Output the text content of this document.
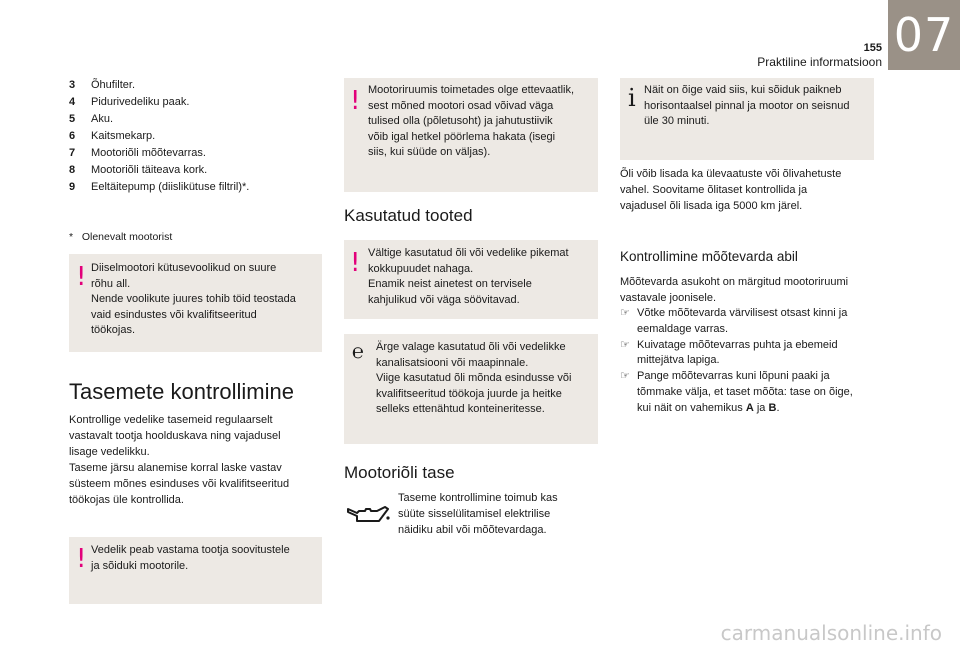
07
155
Praktiline informatsioon
3	Õhufilter.
4	Pidurivedeliku paak.
5	Aku.
6	Kaitsmekarp.
7	Mootoriõli mõõtevarras.
8	Mootoriõli täiteava kork.
9	Eeltäitepump (diislikütuse filtril)*.
*   Olenevalt mootorist
! Diiselmootori kütusevoolikud on suure
rõhu all.
Nende voolikute juures tohib töid teostada
vaid esindustes või kvalifitseeritud
töökojas.
Tasemete kontrollimine
Kontrollige vedelike tasemeid regulaarselt
vastavalt tootja hoolduskava ning vajadusel
lisage vedelikku.
Taseme järsu alanemise korral laske vastav
süsteem mõnes esinduses või kvalifitseeritud
töökojas üle kontrollida.
! Vedelik peab vastama tootja soovitustele
ja sõiduki mootorile.
! Mootoriruumis toimetades olge ettevaatlik,
sest mõned mootori osad võivad väga
tulised olla (põletusoht) ja jahutustiivik
võib igal hetkel pöörlema hakata (isegi
siis, kui süüde on väljas).
Kasutatud tooted
! Vältige kasutatud õli või vedelike pikemat
kokkupuudet nahaga.
Enamik neist ainetest on tervisele
kahjulikud või väga söövitavad.
℮ Ärge valage kasutatud õli või vedelikke
kanalisatsiooni või maapinnale.
Viige kasutatud õli mõnda esindusse või
kvalifitseeritud töökoja juurde ja heitke
selleks ettenähtud konteineritesse.
Mootoriõli tase
Taseme kontrollimine toimub kas
süüte sisselülitamisel elektrilise
näidiku abil või mõõtevardaga.
i Näit on õige vaid siis, kui sõiduk paikneb
horisontaalsel pinnal ja mootor on seisnud
üle 30 minuti.
Õli võib lisada ka ülevaatuste või õlivahetuste
vahel. Soovitame õlitaset kontrollida ja
vajadusel õli lisada iga 5000 km järel.
Kontrollimine mõõtevarda abil
Mõõtevarda asukoht on märgitud mootoriruumi
vastavale joonisele.
☞ Võtke mõõtevarda värvilisest otsast kinni ja
eemaldage varras.
☞ Kuivatage mõõtevarras puhta ja ebemeid
mittejätva lapiga.
☞ Pange mõõtevarras kuni lõpuni paaki ja
tõmmake välja, et taset mõõta: tase on õige,
kui näit on vahemikus A ja B.
carmanualsonline.info
